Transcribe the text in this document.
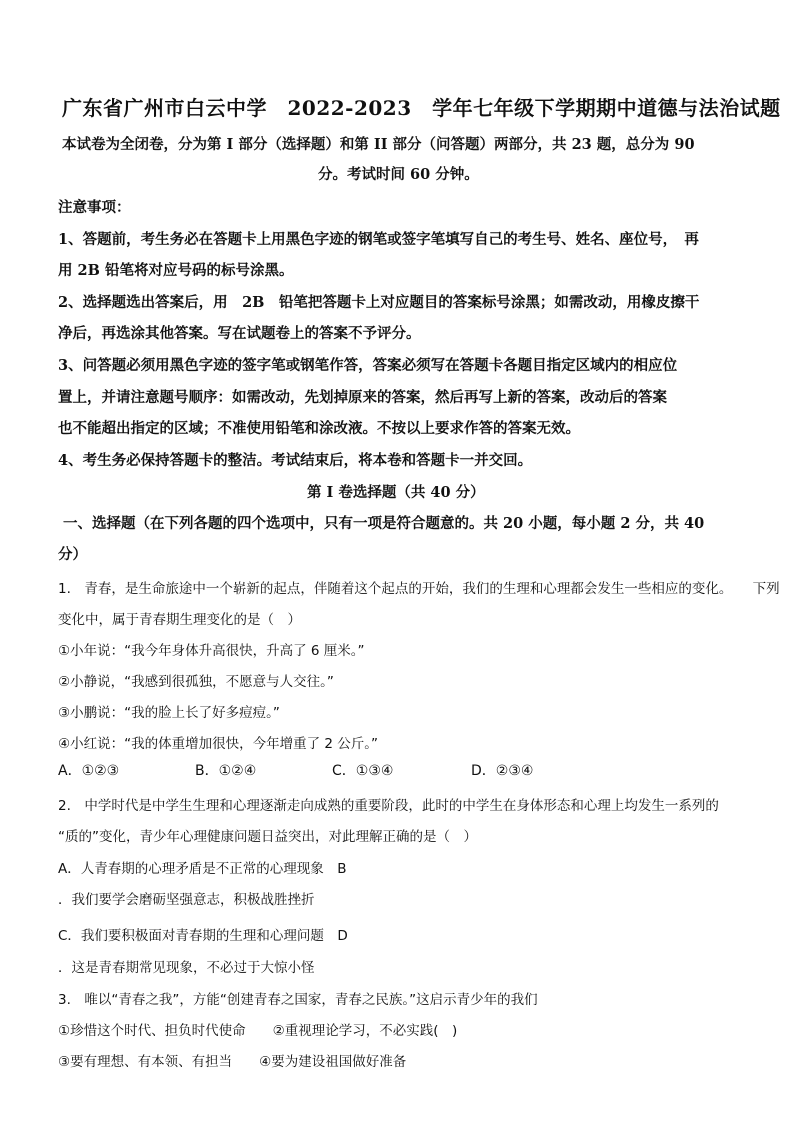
广东省广州市白云中学　2022-2023　学年七年级下学期期中道德与法治试题
本试卷为全闭卷，分为第 I 部分（选择题）和第 II 部分（问答题）两部分，共 23 题，总分为 90
分。考试时间 60 分钟。
注意事项：
1、答题前，考生务必在答题卡上用黑色字迹的钢笔或签字笔填写自己的考生号、姓名、座位号，　再
用 2B 铅笔将对应号码的标号涂黑。
2、选择题选出答案后，用　2B　铅笔把答题卡上对应题目的答案标号涂黑；如需改动，用橡皮擦干
净后，再选涂其他答案。写在试题卷上的答案不予评分。
3、问答题必须用黑色字迹的签字笔或钢笔作答，答案必须写在答题卡各题目指定区域内的相应位
置上，并请注意题号顺序：如需改动，先划掉原来的答案，然后再写上新的答案，改动后的答案
也不能超出指定的区域；不准使用铅笔和涂改液。不按以上要求作答的答案无效。
4、考生务必保持答题卡的整洁。考试结束后，将本卷和答题卡一并交回。
第 I 卷选择题（共 40 分）
一、选择题（在下列各题的四个选项中，只有一项是符合题意的。共 20 小题，每小题 2 分，共 40
分）
1.　青春，是生命旅途中一个崭新的起点，伴随着这个起点的开始，我们的生理和心理都会发生一些相应的变化。　　下列
变化中，属于青春期生理变化的是（　）
①小年说：“我今年身体升高很快，升高了 6 厘米。”
②小静说，“我感到很孤独，不愿意与人交往。”
③小鹏说：“我的脸上长了好多痘痘。”
④小红说：“我的体重增加很快，今年增重了 2 公斤。”
A．①②③	B．①②④	C．①③④	D．②③④
2.　中学时代是中学生生理和心理逐渐走向成熟的重要阶段，此时的中学生在身体形态和心理上均发生一系列的
“质的”变化，青少年心理健康问题日益突出，对此理解正确的是（　）
A．人青春期的心理矛盾是不正常的心理现象　B
．我们要学会磨砺坚强意志，积极战胜挫折
C．我们要积极面对青春期的生理和心理问题　D
．这是青春期常见现象，不必过于大惊小怪
3.　唯以“青春之我”，方能“创建青春之国家，青春之民族。”这启示青少年的我们
①珍惜这个时代、担负时代使命　　②重视理论学习，不必实践(　)
③要有理想、有本领、有担当　　④要为建设祖国做好准备
